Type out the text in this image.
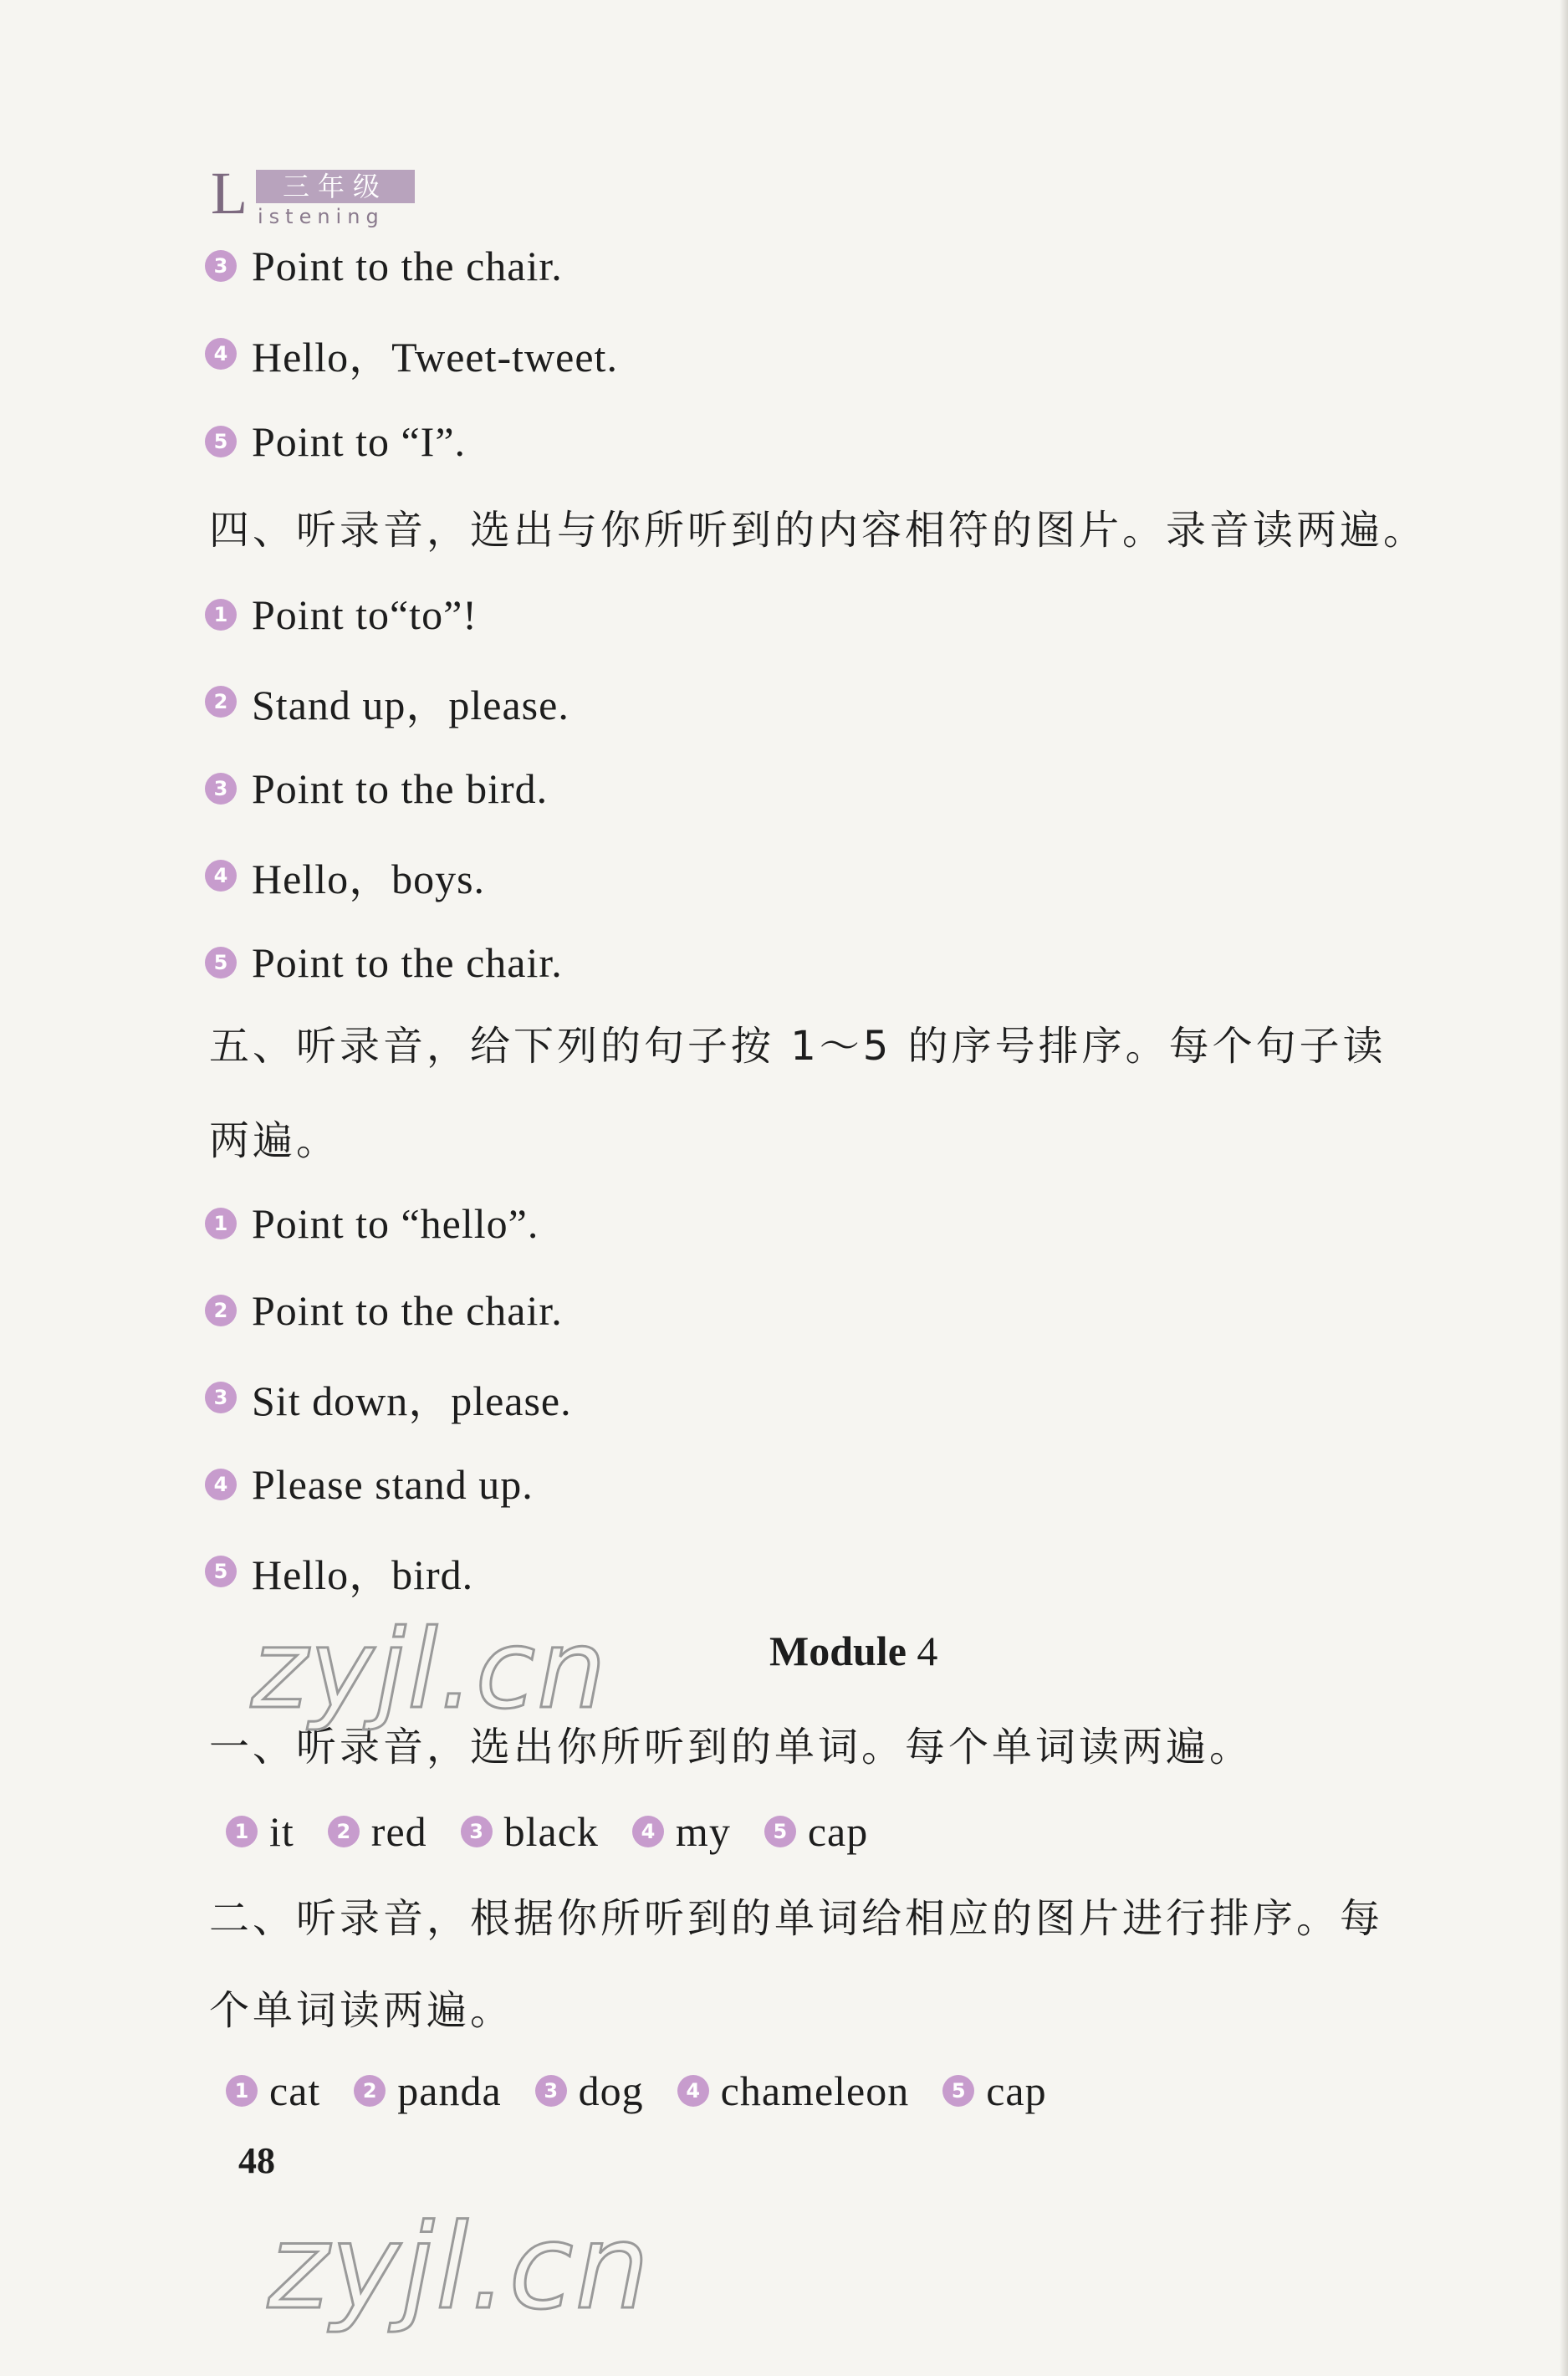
L	三年级
istening
3 Point to the chair.
4 Hello，Tweet-tweet.
5 Point to “I”.
四、听录音，选出与你所听到的内容相符的图片。录音读两遍。
1 Point to“to”!
2 Stand up，please.
3 Point to the bird.
4 Hello，boys.
5 Point to the chair.
五、听录音，给下列的句子按 1～5 的序号排序。每个句子读
两遍。
1 Point to “hello”.
2 Point to the chair.
3 Sit down，please.
4 Please stand up.
5 Hello，bird.
Module 4
一、听录音，选出你所听到的单词。每个单词读两遍。
1 it	2 red	3 black	4 my	5 cap
二、听录音，根据你所听到的单词给相应的图片进行排序。每
个单词读两遍。
1 cat	2 panda	3 dog	4 chameleon	5 cap
48
zyjl.cn
zyjl.cn
